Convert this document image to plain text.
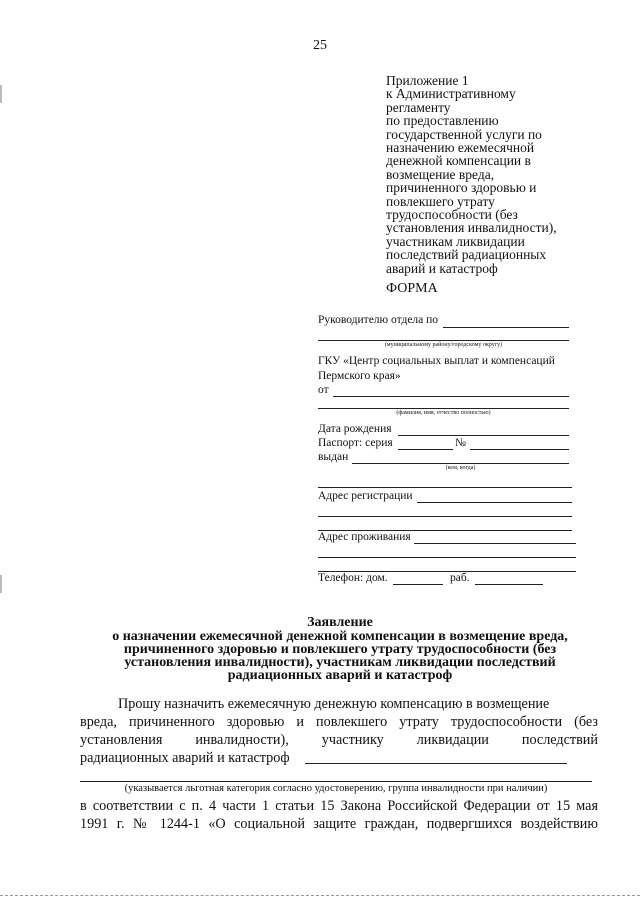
25
Приложение 1
к Административному
регламенту
по предоставлению
государственной услуги по
назначению ежемесячной
денежной компенсации в
возмещение вреда,
причиненного здоровью и
повлекшего утрату
трудоспособности (без
установления инвалидности),
участникам ликвидации
последствий радиационных
аварий и катастроф
ФОРМА
Руководителю отдела по
(муниципальному району/городскому округу)
ГКУ «Центр социальных выплат и компенсаций
Пермского края»
от
(фамилия, имя, отчество полностью)
Дата рождения
Паспорт: серия	№
выдан
(кем, когда)
Адрес регистрации
Адрес проживания
Телефон: дом.	раб.
Заявление
о назначении ежемесячной денежной компенсации в возмещение вреда,
причиненного здоровью и повлекшего утрату трудоспособности (без
установления инвалидности), участникам ликвидации последствий
радиационных аварий и катастроф
Прошу назначить ежемесячную денежную компенсацию в возмещение
вреда, причиненного здоровью и повлекшего утрату трудоспособности (без
установления инвалидности), участнику ликвидации последствий
радиационных аварий и катастроф
(указывается льготная категория согласно удостоверению, группа инвалидности при наличии)
в соответствии с п. 4 части 1 статьи 15 Закона Российской Федерации от 15 мая
1991 г. № 1244-1 «О социальной защите граждан, подвергшихся воздействию
